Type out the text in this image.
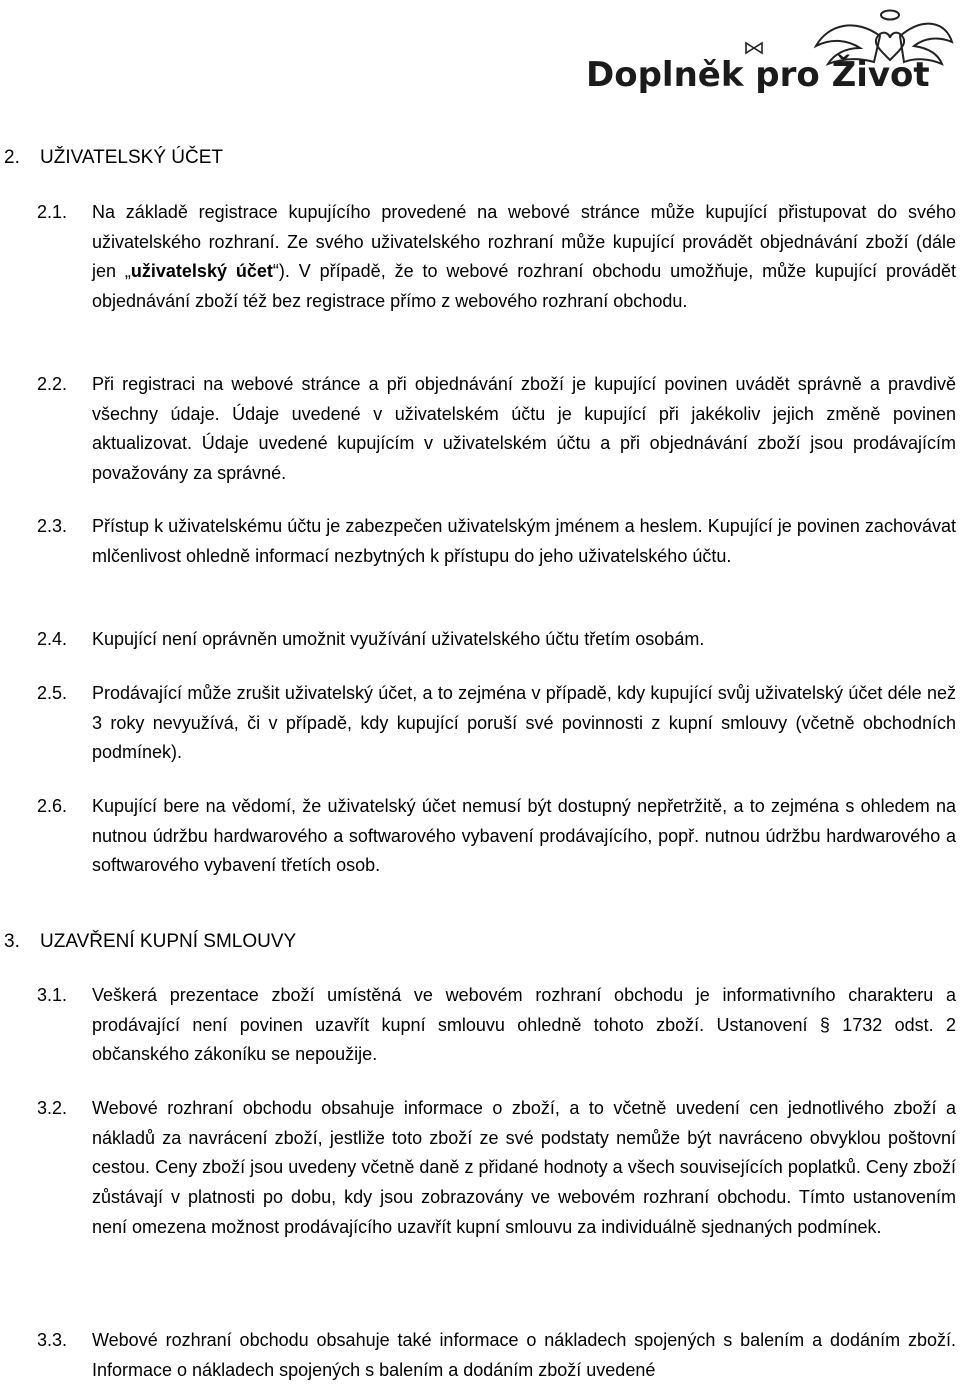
Doplněk pro Život
2. UŽIVATELSKÝ ÚČET
2.1. Na základě registrace kupujícího provedené na webové stránce může kupující přistupovat do svého uživatelského rozhraní. Ze svého uživatelského rozhraní může kupující provádět objednávání zboží (dále jen „uživatelský účet“). V případě, že to webové rozhraní obchodu umožňuje, může kupující provádět objednávání zboží též bez registrace přímo z webového rozhraní obchodu.
2.2. Při registraci na webové stránce a při objednávání zboží je kupující povinen uvádět správně a pravdivě všechny údaje. Údaje uvedené v uživatelském účtu je kupující při jakékoliv jejich změně povinen aktualizovat. Údaje uvedené kupujícím v uživatelském účtu a při objednávání zboží jsou prodávajícím považovány za správné.
2.3. Přístup k uživatelskému účtu je zabezpečen uživatelským jménem a heslem. Kupující je povinen zachovávat mlčenlivost ohledně informací nezbytných k přístupu do jeho uživatelského účtu.
2.4. Kupující není oprávněn umožnit využívání uživatelského účtu třetím osobám.
2.5. Prodávající může zrušit uživatelský účet, a to zejména v případě, kdy kupující svůj uživatelský účet déle než 3 roky nevyužívá, či v případě, kdy kupující poruší své povinnosti z kupní smlouvy (včetně obchodních podmínek).
2.6. Kupující bere na vědomí, že uživatelský účet nemusí být dostupný nepřetržitě, a to zejména s ohledem na nutnou údržbu hardwarového a softwarového vybavení prodávajícího, popř. nutnou údržbu hardwarového a softwarového vybavení třetích osob.
3. UZAVŘENÍ KUPNÍ SMLOUVY
3.1. Veškerá prezentace zboží umístěná ve webovém rozhraní obchodu je informativního charakteru a prodávající není povinen uzavřít kupní smlouvu ohledně tohoto zboží. Ustanovení § 1732 odst. 2 občanského zákoníku se nepoužije.
3.2. Webové rozhraní obchodu obsahuje informace o zboží, a to včetně uvedení cen jednotlivého zboží a nákladů za navrácení zboží, jestliže toto zboží ze své podstaty nemůže být navráceno obvyklou poštovní cestou. Ceny zboží jsou uvedeny včetně daně z přidané hodnoty a všech souvisejících poplatků. Ceny zboží zůstávají v platnosti po dobu, kdy jsou zobrazovány ve webovém rozhraní obchodu. Tímto ustanovením není omezena možnost prodávajícího uzavřít kupní smlouvu za individuálně sjednaných podmínek.
3.3. Webové rozhraní obchodu obsahuje také informace o nákladech spojených s balením a dodáním zboží. Informace o nákladech spojených s balením a dodáním zboží uvedené
